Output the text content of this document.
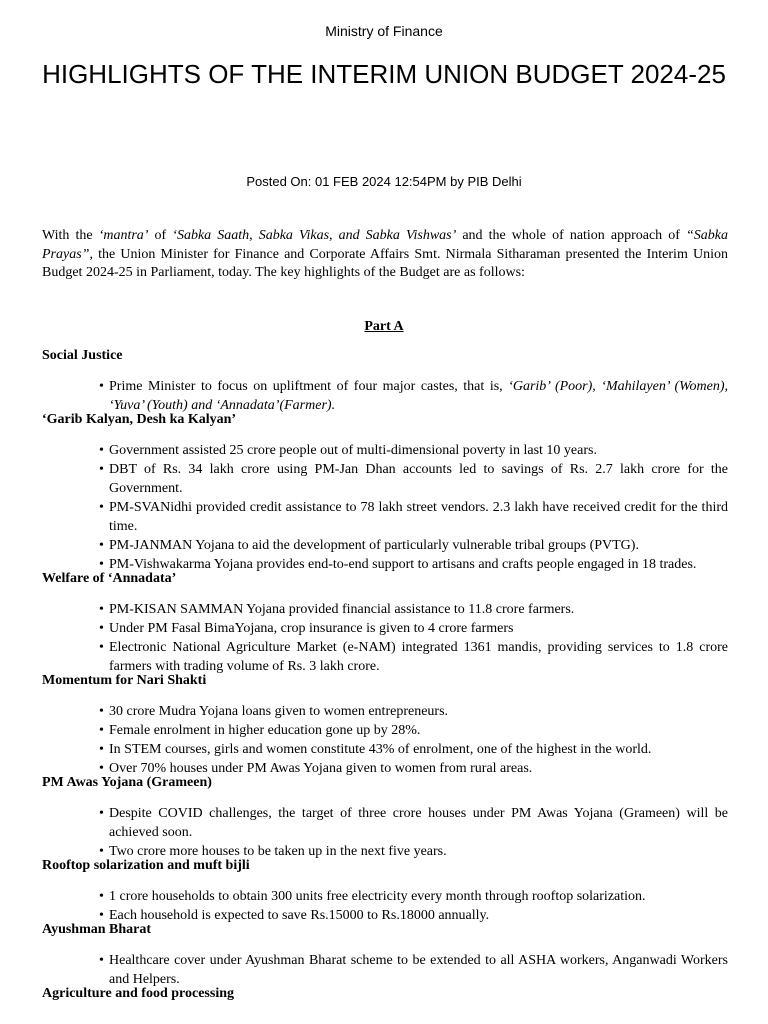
Ministry of Finance
HIGHLIGHTS OF THE INTERIM UNION BUDGET 2024-25
Posted On: 01 FEB 2024 12:54PM by PIB Delhi

With the ‘mantra’ of ‘Sabka Saath, Sabka Vikas, and Sabka Vishwas’ and the whole of nation approach of “Sabka Prayas”, the Union Minister for Finance and Corporate Affairs Smt. Nirmala Sitharaman presented the Interim Union Budget 2024-25 in Parliament, today. The key highlights of the Budget are as follows:

Part A
Social Justice
• Prime Minister to focus on upliftment of four major castes, that is, ‘Garib’ (Poor), ‘Mahilayen’ (Women), ‘Yuva’ (Youth) and ‘Annadata’(Farmer).
‘Garib Kalyan, Desh ka Kalyan’
• Government assisted 25 crore people out of multi-dimensional poverty in last 10 years.
• DBT of Rs. 34 lakh crore using PM-Jan Dhan accounts led to savings of Rs. 2.7 lakh crore for the Government.
• PM-SVANidhi provided credit assistance to 78 lakh street vendors. 2.3 lakh have received credit for the third time.
• PM-JANMAN Yojana to aid the development of particularly vulnerable tribal groups (PVTG).
• PM-Vishwakarma Yojana provides end-to-end support to artisans and crafts people engaged in 18 trades.
Welfare of ‘Annadata’
• PM-KISAN SAMMAN Yojana provided financial assistance to 11.8 crore farmers.
• Under PM Fasal BimaYojana, crop insurance is given to 4 crore farmers
• Electronic National Agriculture Market (e-NAM) integrated 1361 mandis, providing services to 1.8 crore farmers with trading volume of Rs. 3 lakh crore.
Momentum for Nari Shakti
• 30 crore Mudra Yojana loans given to women entrepreneurs.
• Female enrolment in higher education gone up by 28%.
• In STEM courses, girls and women constitute 43% of enrolment, one of the highest in the world.
• Over 70% houses under PM Awas Yojana given to women from rural areas.
PM Awas Yojana (Grameen)
• Despite COVID challenges, the target of three crore houses under PM Awas Yojana (Grameen) will be achieved soon.
• Two crore more houses to be taken up in the next five years.
Rooftop solarization and muft bijli
• 1 crore households to obtain 300 units free electricity every month through rooftop solarization.
• Each household is expected to save Rs.15000 to Rs.18000 annually.
Ayushman Bharat
• Healthcare cover under Ayushman Bharat scheme to be extended to all ASHA workers, Anganwadi Workers and Helpers.
Agriculture and food processing
